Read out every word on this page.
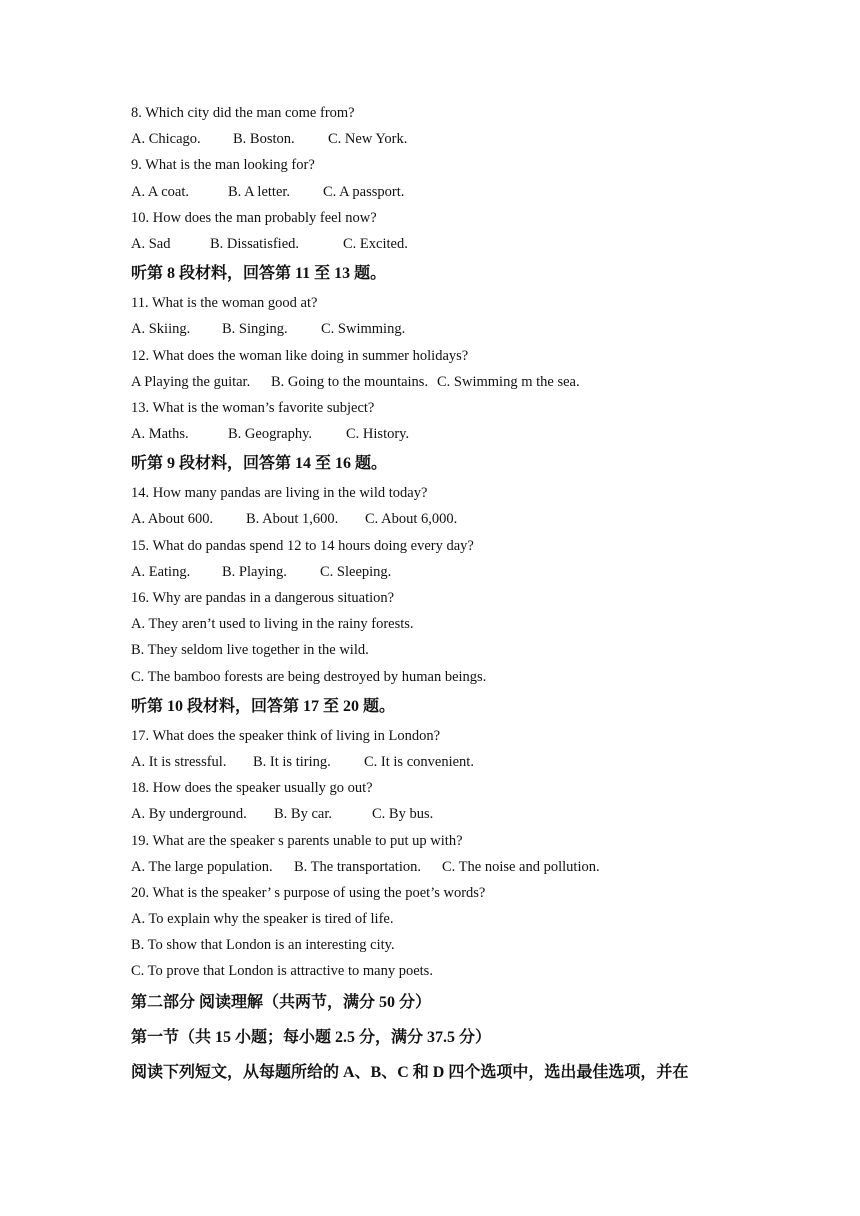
8. Which city did the man come from?
A. Chicago. B. Boston. C. New York.
9. What is the man looking for?
A. A coat.	B. A letter. C. A passport.
10. How does the man probably feel now?
A. Sad	B. Dissatisfied.	C. Excited.
听第 8 段材料，回答第 11 至 13 题。
11. What is the woman good at?
A. Skiing. B. Singing. C. Swimming.
12. What does the woman like doing in summer holidays?
A Playing the guitar. B. Going to the mountains. C. Swimming m the sea.
13. What is the woman’s favorite subject?
A. Maths.	B. Geography. C. History.
听第 9 段材料，回答第 14 至 16 题。
14. How many pandas are living in the wild today?
A. About 600. B. About 1,600. C. About 6,000.
15. What do pandas spend 12 to 14 hours doing every day?
A. Eating. B. Playing. C. Sleeping.
16. Why are pandas in a dangerous situation?
A. They aren’t used to living in the rainy forests.
B. They seldom live together in the wild.
C. The bamboo forests are being destroyed by human beings.
听第 10 段材料，回答第 17 至 20 题。
17. What does the speaker think of living in London?
A. It is stressful. B. It is tiring. C. It is convenient.
18. How does the speaker usually go out?
A. By underground. B. By car.	C. By bus.
19. What are the speaker s parents unable to put up with?
A. The large population. B. The transportation. C. The noise and pollution.
20. What is the speaker’ s purpose of using the poet’s words?
A. To explain why the speaker is tired of life.
B. To show that London is an interesting city.
C. To prove that London is attractive to many poets.
第二部分 阅读理解（共两节，满分 50 分）
第一节（共 15 小题；每小题 2.5 分，满分 37.5 分）
阅读下列短文，从每题所给的 A、B、C 和 D 四个选项中，选出最佳选项，并在
